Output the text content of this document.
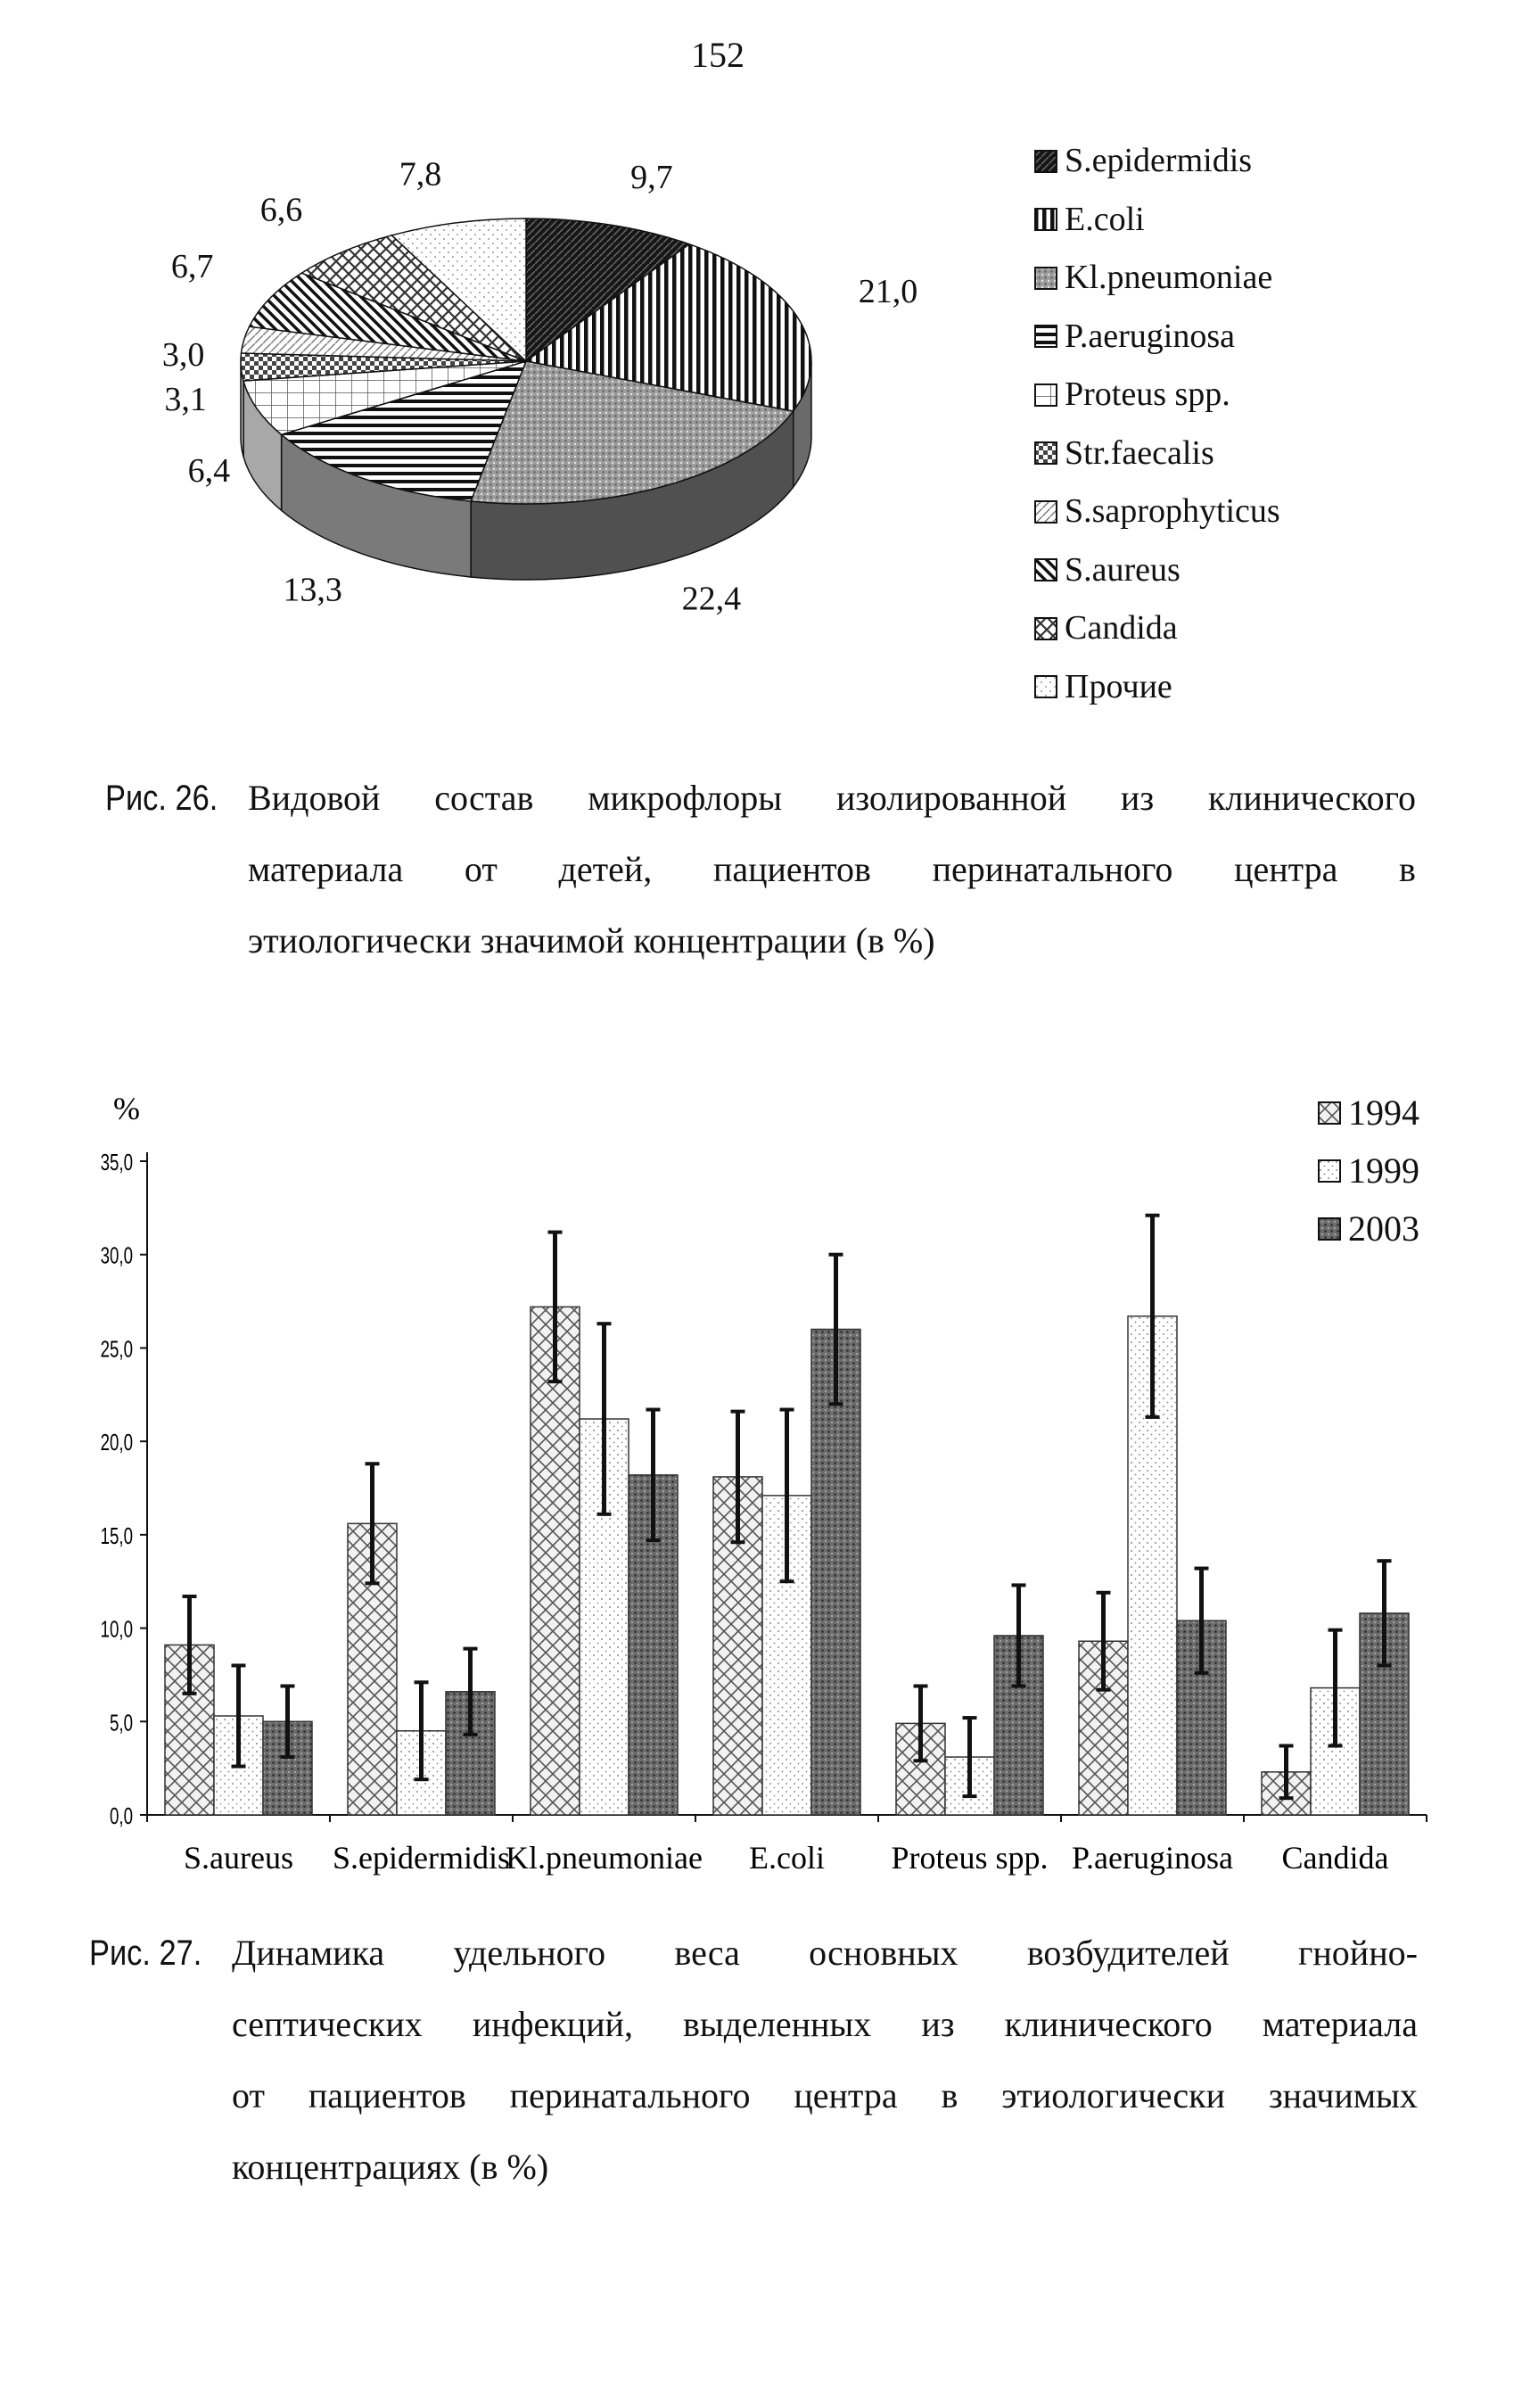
152
9,7
21,0
22,4
13,3
6,4
3,1
3,0
6,7
6,6
7,8	S.epidermidis
E.coli
Kl.pneumoniae
P.aeruginosa
Proteus spp.
Str.faecalis
S.saprophyticus
S.aureus
Candida
Прочие
Рис. 26. Видовой состав микрофлоры изолированной из клинического
материала от детей, пациентов перинатального центра в
этиологически значимой концентрации (в %)
%
0,0
5,0
10,0
15,0
20,0
25,0
30,0
35,0
S.aureus S.epidermidis
Kl.pneumoniae E.coli Proteus spp. P.aeruginosa Candida
1994
1999
2003
Рис. 27. Динамика удельного веса основных возбудителей гнойно-
септических инфекций, выделенных из клинического материала
от пациентов перинатального центра в этиологически значимых
концентрациях (в %)
